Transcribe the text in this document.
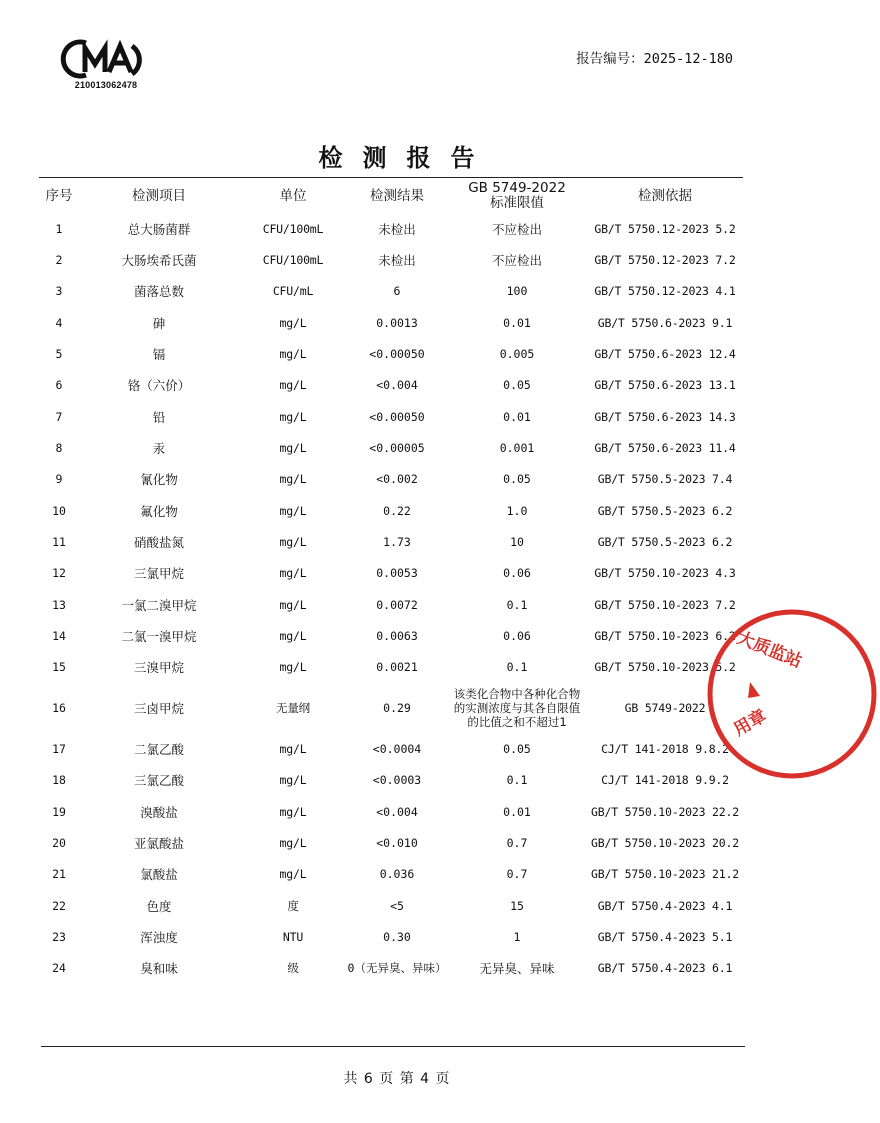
210013062478
报告编号：2025-12-180
检测报告
序号	检测项目	单位	检测结果	GB 5749-2022
标准限值	检测依据
1	总大肠菌群	CFU/100mL	未检出	不应检出	GB/T 5750.12-2023 5.2
2	大肠埃希氏菌	CFU/100mL	未检出	不应检出	GB/T 5750.12-2023 7.2
3	菌落总数	CFU/mL	6	100	GB/T 5750.12-2023 4.1
4	砷	mg/L	0.0013	0.01	GB/T 5750.6-2023 9.1
5	镉	mg/L	<0.00050	0.005	GB/T 5750.6-2023 12.4
6	铬（六价）	mg/L	<0.004	0.05	GB/T 5750.6-2023 13.1
7	铅	mg/L	<0.00050	0.01	GB/T 5750.6-2023 14.3
8	汞	mg/L	<0.00005	0.001	GB/T 5750.6-2023 11.4
9	氰化物	mg/L	<0.002	0.05	GB/T 5750.5-2023 7.4
10	氟化物	mg/L	0.22	1.0	GB/T 5750.5-2023 6.2
11	硝酸盐氮	mg/L	1.73	10	GB/T 5750.5-2023 6.2
12	三氯甲烷	mg/L	0.0053	0.06	GB/T 5750.10-2023 4.3
13	一氯二溴甲烷	mg/L	0.0072	0.1	GB/T 5750.10-2023 7.2
14	二氯一溴甲烷	mg/L	0.0063	0.06	GB/T 5750.10-2023 6.2
15	三溴甲烷	mg/L	0.0021	0.1	GB/T 5750.10-2023 5.2
16	三卤甲烷	无量纲	0.29	该类化合物中各种化合物
的实测浓度与其各自限值
的比值之和不超过1	GB 5749-2022
17	二氯乙酸	mg/L	<0.0004	0.05	CJ/T 141-2018 9.8.2
18	三氯乙酸	mg/L	<0.0003	0.1	CJ/T 141-2018 9.9.2
19	溴酸盐	mg/L	<0.004	0.01	GB/T 5750.10-2023 22.2
20	亚氯酸盐	mg/L	<0.010	0.7	GB/T 5750.10-2023 20.2
21	氯酸盐	mg/L	0.036	0.7	GB/T 5750.10-2023 21.2
22	色度	度	<5	15	GB/T 5750.4-2023 4.1
23	浑浊度	NTU	0.30	1	GB/T 5750.4-2023 5.1
24	臭和味	级	0（无异臭、异味）	无异臭、异味	GB/T 5750.4-2023 6.1
大质监站
用章
共 6 页 第 4 页
